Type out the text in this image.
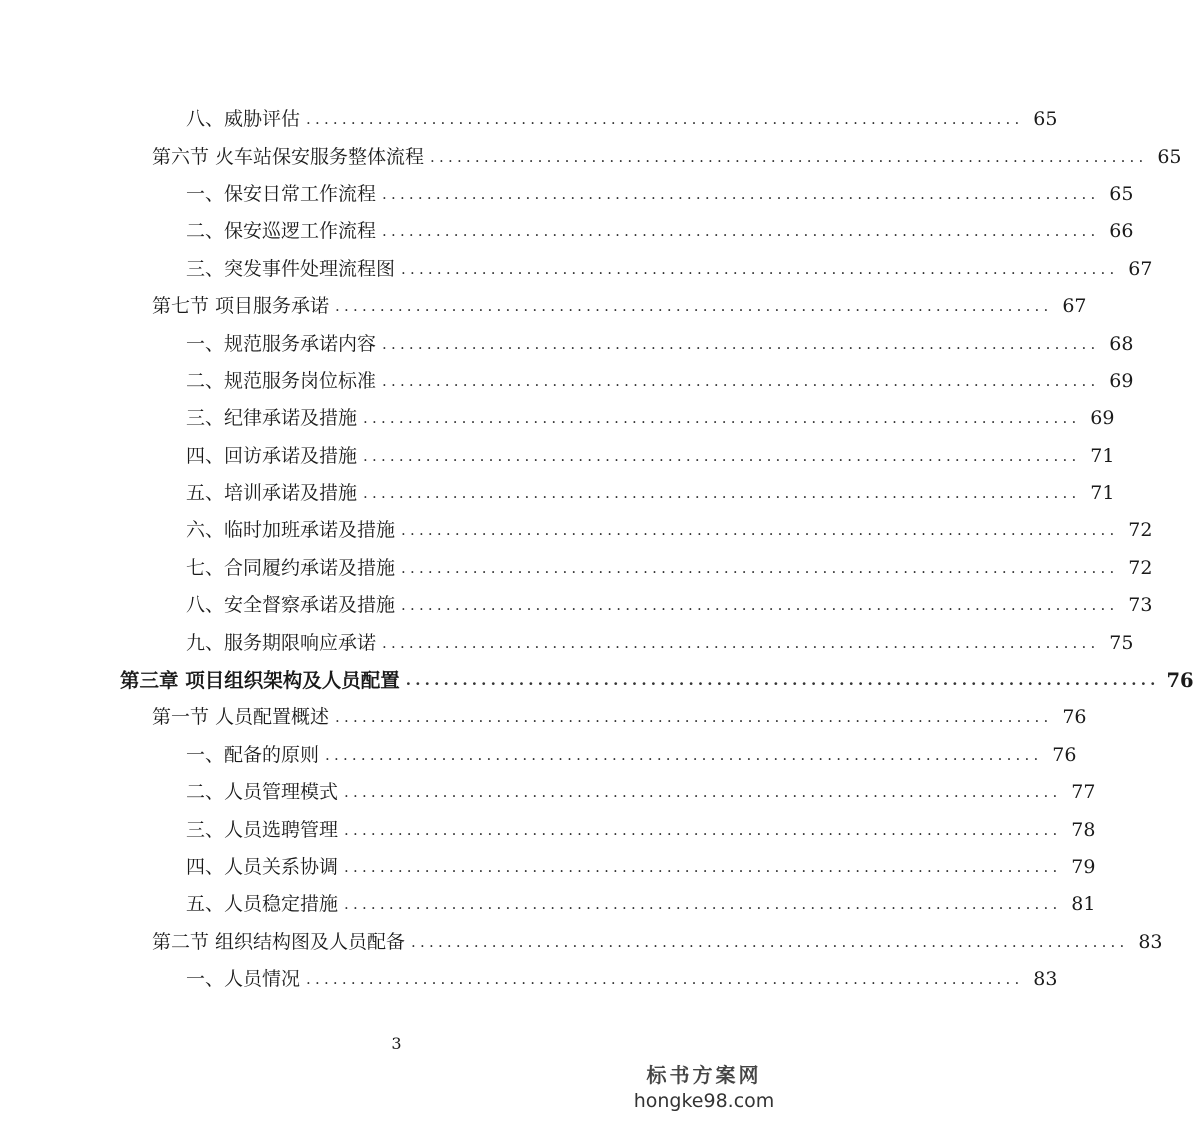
八、威胁评估 ................................................................................ 65
第六节 火车站保安服务整体流程 ................................................................................ 65
一、保安日常工作流程 ................................................................................ 65
二、保安巡逻工作流程 ................................................................................ 66
三、突发事件处理流程图 ................................................................................ 67
第七节 项目服务承诺 ................................................................................ 67
一、规范服务承诺内容 ................................................................................ 68
二、规范服务岗位标准 ................................................................................ 69
三、纪律承诺及措施 ................................................................................ 69
四、回访承诺及措施 ................................................................................ 71
五、培训承诺及措施 ................................................................................ 71
六、临时加班承诺及措施 ................................................................................ 72
七、合同履约承诺及措施 ................................................................................ 72
八、安全督察承诺及措施 ................................................................................ 73
九、服务期限响应承诺 ................................................................................ 75
第三章 项目组织架构及人员配置 ................................................................................ 76
第一节 人员配置概述 ................................................................................ 76
一、配备的原则 ................................................................................ 76
二、人员管理模式 ................................................................................ 77
三、人员选聘管理 ................................................................................ 78
四、人员关系协调 ................................................................................ 79
五、人员稳定措施 ................................................................................ 81
第二节 组织结构图及人员配备 ................................................................................ 83
一、人员情况 ................................................................................ 83
3
标书方案网
hongke98.com
